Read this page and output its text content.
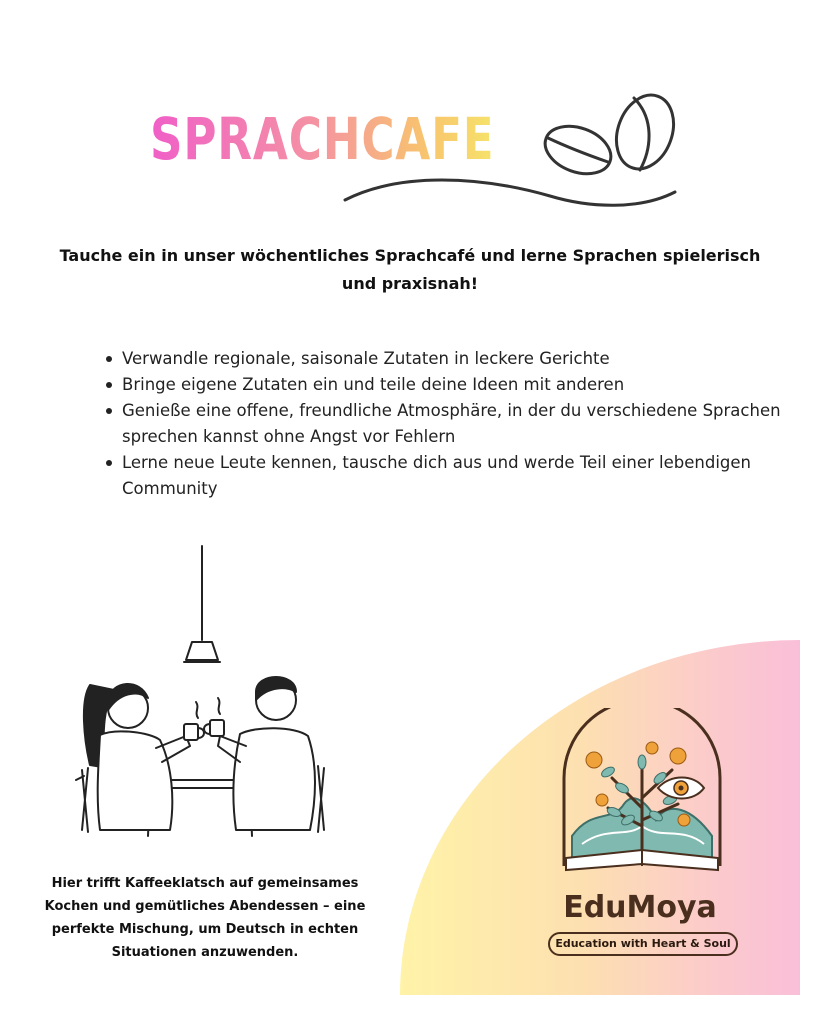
SPRACHCAFE
Tauche ein in unser wöchentliches Sprachcafé und lerne Sprachen spielerisch und praxisnah!
Verwandle regionale, saisonale Zutaten in leckere Gerichte
Bringe eigene Zutaten ein und teile deine Ideen mit anderen
Genieße eine offene, freundliche Atmosphäre, in der du verschiedene Sprachen sprechen kannst ohne Angst vor Fehlern
Lerne neue Leute kennen, tausche dich aus und werde Teil einer lebendigen Community
Hier trifft Kaffeeklatsch auf gemeinsames Kochen und gemütliches Abendessen – eine perfekte Mischung, um Deutsch in echten Situationen anzuwenden.
EduMoya
Education with Heart & Soul
